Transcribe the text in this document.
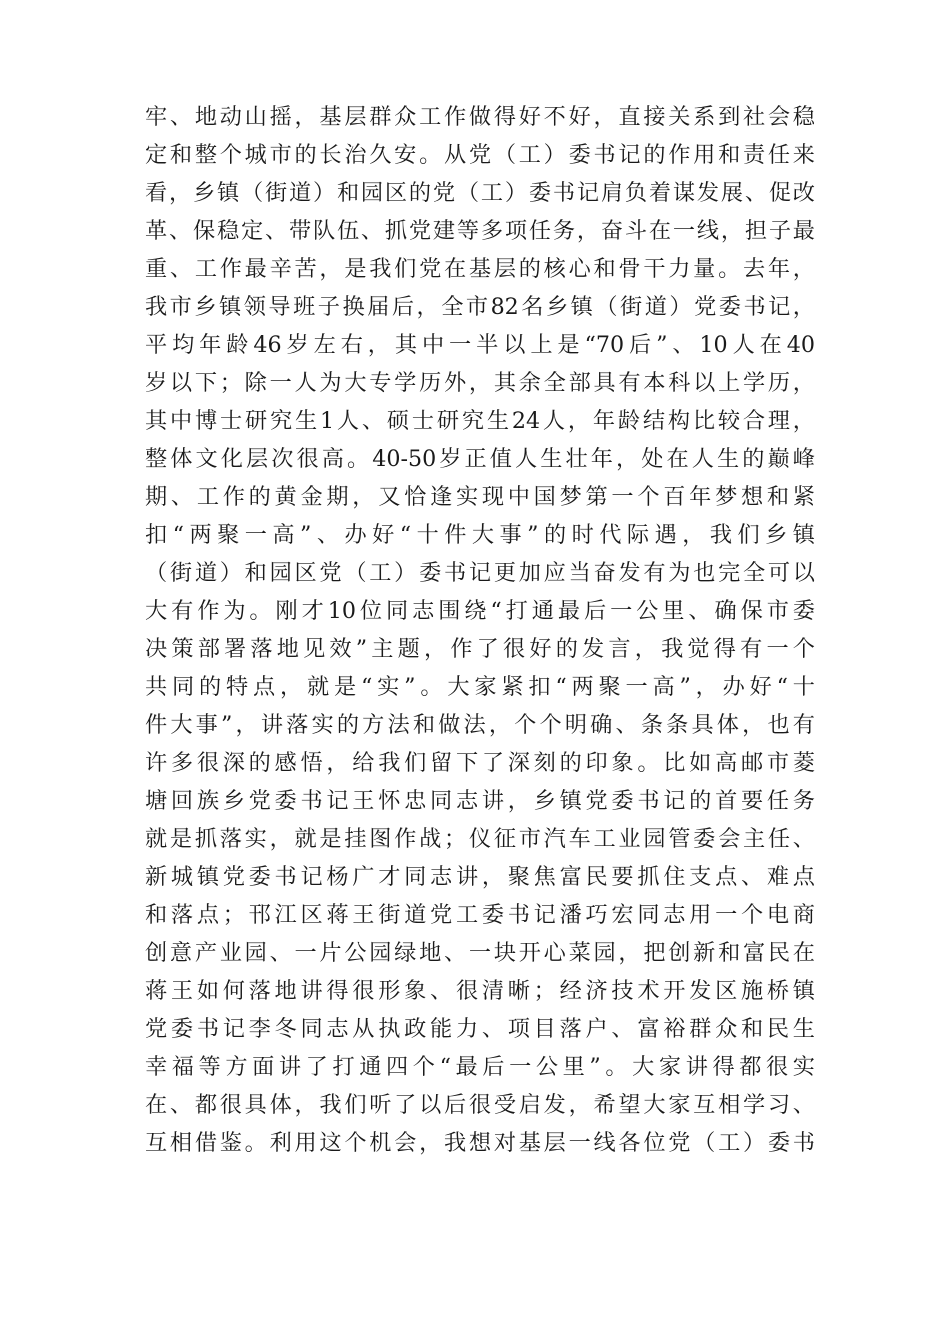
牢、地动山摇，基层群众工作做得好不好，直接关系到社会稳
定和整个城市的长治久安。从党（工）委书记的作用和责任来
看，乡镇（街道）和园区的党（工）委书记肩负着谋发展、促改
革、保稳定、带队伍、抓党建等多项任务，奋斗在一线，担子最
重、工作最辛苦，是我们党在基层的核心和骨干力量。去年，
我市乡镇领导班子换届后，全市82名乡镇（街道）党委书记，
平均年龄46岁左右，其中一半以上是“70后”、10人在40
岁以下；除一人为大专学历外，其余全部具有本科以上学历，
其中博士研究生1人、硕士研究生24人，年龄结构比较合理，
整体文化层次很高。40-50岁正值人生壮年，处在人生的巅峰
期、工作的黄金期，又恰逢实现中国梦第一个百年梦想和紧
扣“两聚一高”、办好“十件大事”的时代际遇，我们乡镇
（街道）和园区党（工）委书记更加应当奋发有为也完全可以
大有作为。刚才10位同志围绕“打通最后一公里、确保市委
决策部署落地见效”主题，作了很好的发言，我觉得有一个
共同的特点，就是“实”。大家紧扣“两聚一高”，办好“十
件大事”，讲落实的方法和做法，个个明确、条条具体，也有
许多很深的感悟，给我们留下了深刻的印象。比如高邮市菱
塘回族乡党委书记王怀忠同志讲，乡镇党委书记的首要任务
就是抓落实，就是挂图作战；仪征市汽车工业园管委会主任、
新城镇党委书记杨广才同志讲，聚焦富民要抓住支点、难点
和落点；邗江区蒋王街道党工委书记潘巧宏同志用一个电商
创意产业园、一片公园绿地、一块开心菜园，把创新和富民在
蒋王如何落地讲得很形象、很清晰；经济技术开发区施桥镇
党委书记李冬同志从执政能力、项目落户、富裕群众和民生
幸福等方面讲了打通四个“最后一公里”。大家讲得都很实
在、都很具体，我们听了以后很受启发，希望大家互相学习、
互相借鉴。利用这个机会，我想对基层一线各位党（工）委书
